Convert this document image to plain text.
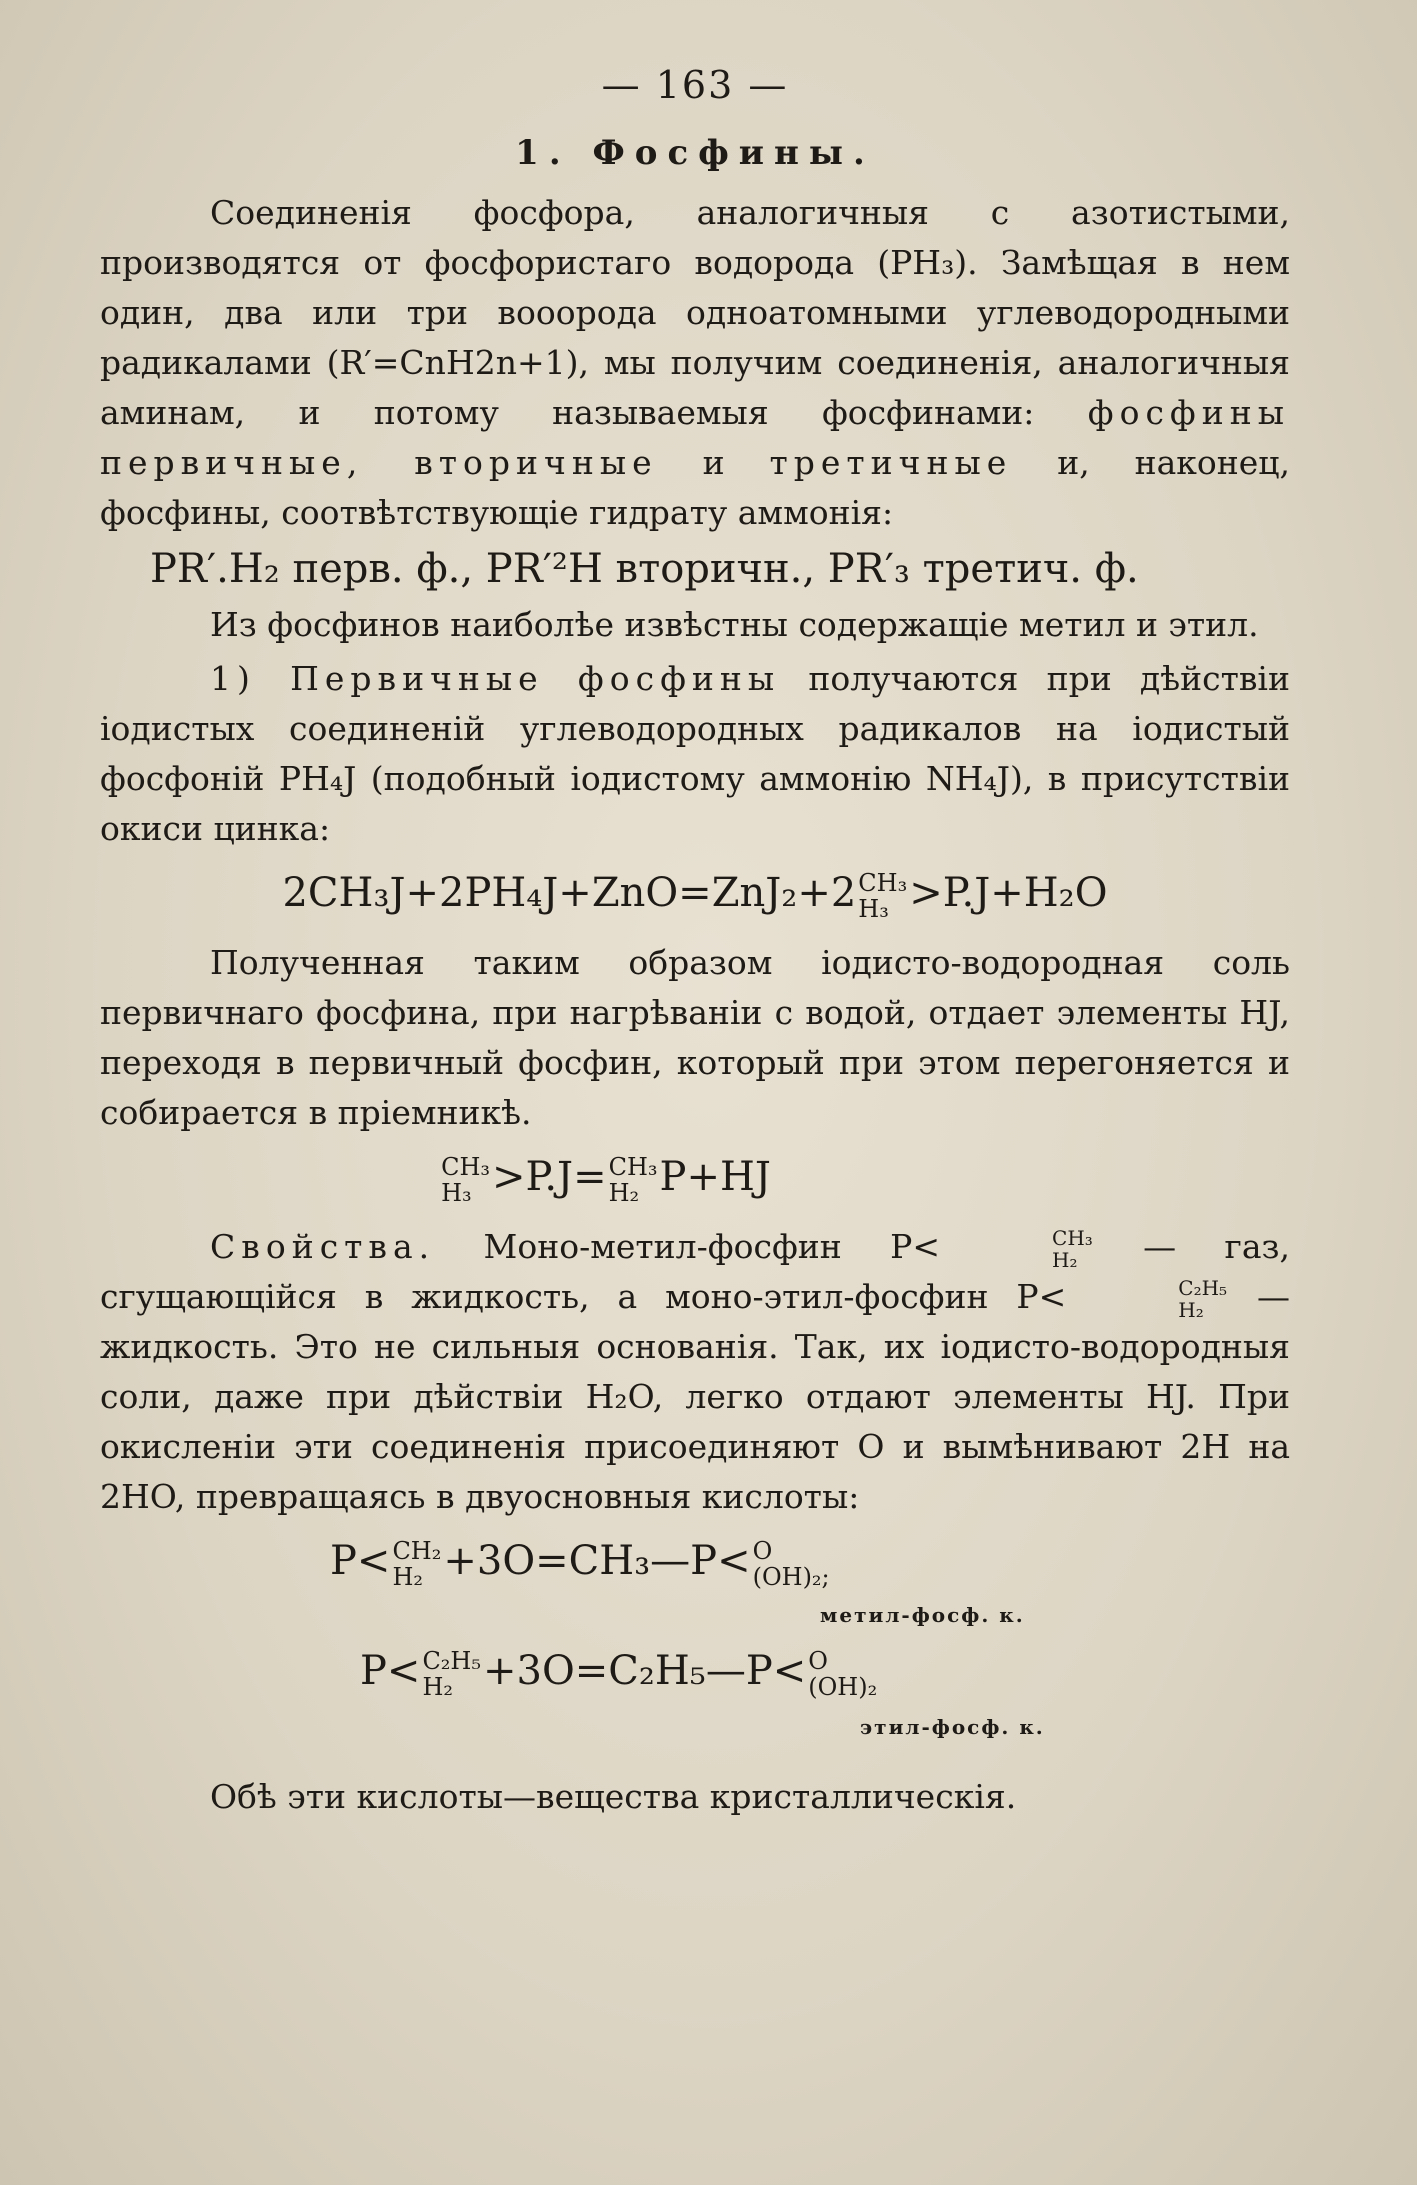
— 163 —
1. Фосфины.

Соединенія фосфора, аналогичныя с азотистыми, производятся от фосфористаго водорода (PH₃). Замѣщая в нем один, два или три вооорода одноатомными углеводородными радикалами (R′=CnH2n+1), мы получим соединенія, аналогичныя аминам, и потому называемыя фосфинами: фосфины первичные, вторичные и третичные и, наконец, фосфины, соотвѣтствующіе гидрату аммонія:

PR′.H₂ перв. ф., PR′²H вторичн., PR′₃ третич. ф.

Из фосфинов наиболѣе извѣстны содержащіе метил и этил.

1) Первичные фосфины получаются при дѣйствіи іодистых соединеній углеводородных радикалов на іодистый фосфоній PH₄J (подобный іодистому аммонію NH₄J), в присутствіи окиси цинка:

2CH₃J+2PH₄J+ZnO=ZnJ₂+2 CH₃
H₃ >P.J+H₂O

Полученная таким образом іодисто-водородная соль первичнаго фосфина, при нагрѣваніи с водой, отдает элементы HJ, переходя в первичный фосфин, который при этом перегоняется и собирается в пріемникѣ.

CH₃
H₃ >P.J= CH₃
H₂ P+HJ

Свойства. Моно-метил-фосфин P<	CH₃
H₂	— газ, сгущающійся в жидкость, а моно-этил-фосфин P<	C₂H₅
H₂	— жидкость. Это не сильныя основанія. Так, их іодисто-водородныя соли, даже при дѣйствіи H₂O, легко отдают элементы HJ. При окисленіи эти соединенія присоединяют O и вымѣнивают 2H на 2HO, превращаясь в двуосновныя кислоты:

P< CH₂
H₂ +3O=CH₃—P< O
(OH)₂;
метил-фосф. к.
P< C₂H₅
H₂ +3O=C₂H₅—P< O
(OH)₂
этил-фосф. к.

Обѣ эти кислоты—вещества кристаллическія.
